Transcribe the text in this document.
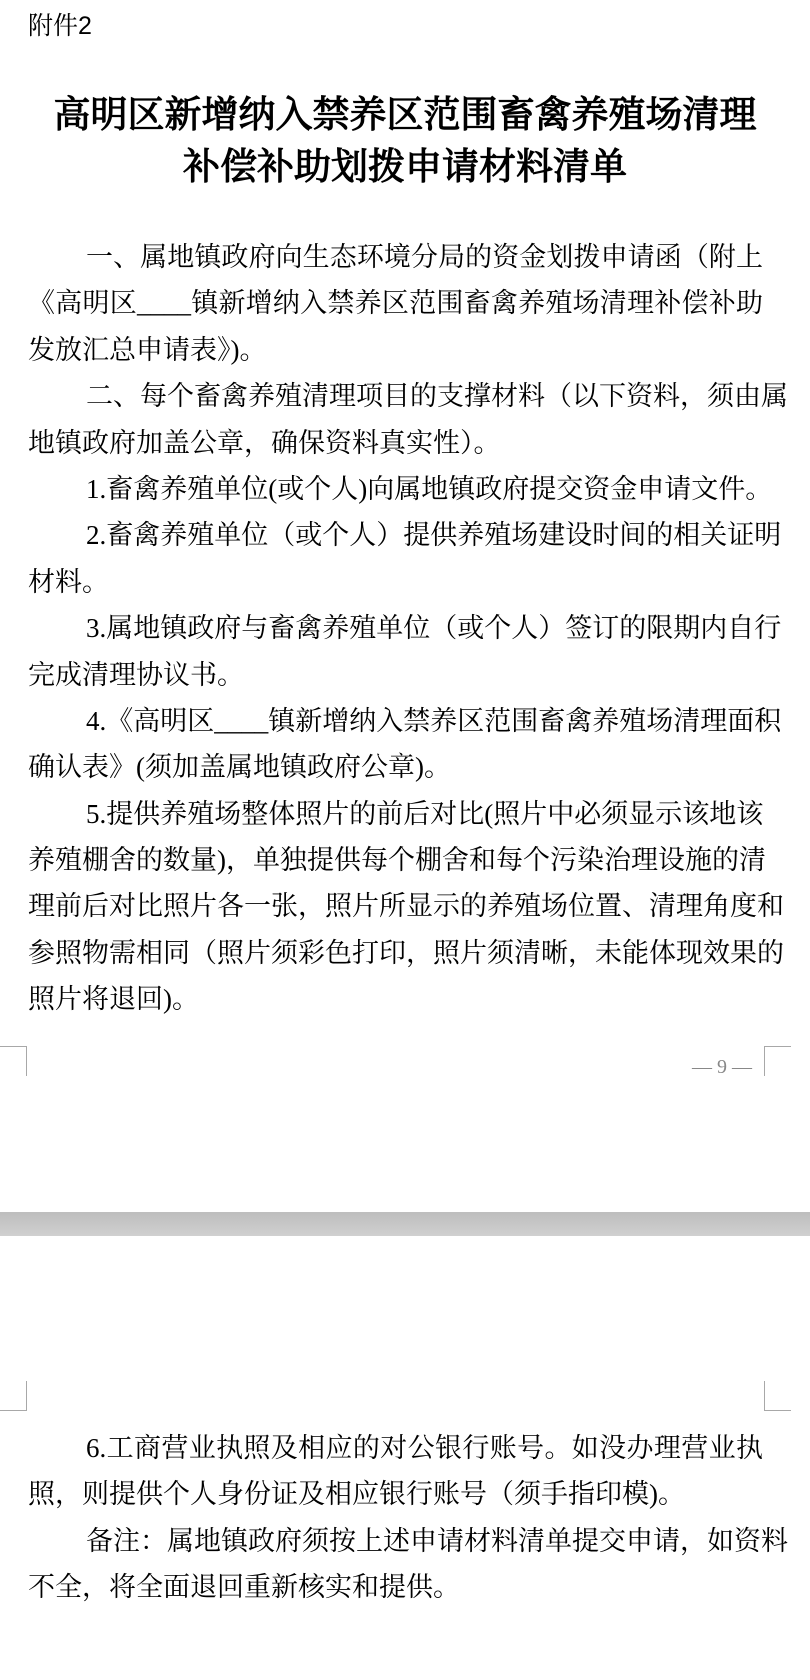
附件2
高明区新增纳入禁养区范围畜禽养殖场清理
补偿补助划拨申请材料清单
一、属地镇政府向生态环境分局的资金划拨申请函（附上
《高明区____镇新增纳入禁养区范围畜禽养殖场清理补偿补助
发放汇总申请表》)。
二、每个畜禽养殖清理项目的支撑材料（以下资料，须由属
地镇政府加盖公章，确保资料真实性）。
1.畜禽养殖单位(或个人)向属地镇政府提交资金申请文件。
2.畜禽养殖单位（或个人）提供养殖场建设时间的相关证明
材料。
3.属地镇政府与畜禽养殖单位（或个人）签订的限期内自行
完成清理协议书。
4.《高明区____镇新增纳入禁养区范围畜禽养殖场清理面积
确认表》(须加盖属地镇政府公章)。
5.提供养殖场整体照片的前后对比(照片中必须显示该地该
养殖棚舍的数量)，单独提供每个棚舍和每个污染治理设施的清
理前后对比照片各一张，照片所显示的养殖场位置、清理角度和
参照物需相同（照片须彩色打印，照片须清晰，未能体现效果的
照片将退回)。
— 9 —
6.工商营业执照及相应的对公银行账号。如没办理营业执
照，则提供个人身份证及相应银行账号（须手指印模)。
备注：属地镇政府须按上述申请材料清单提交申请，如资料
不全，将全面退回重新核实和提供。
